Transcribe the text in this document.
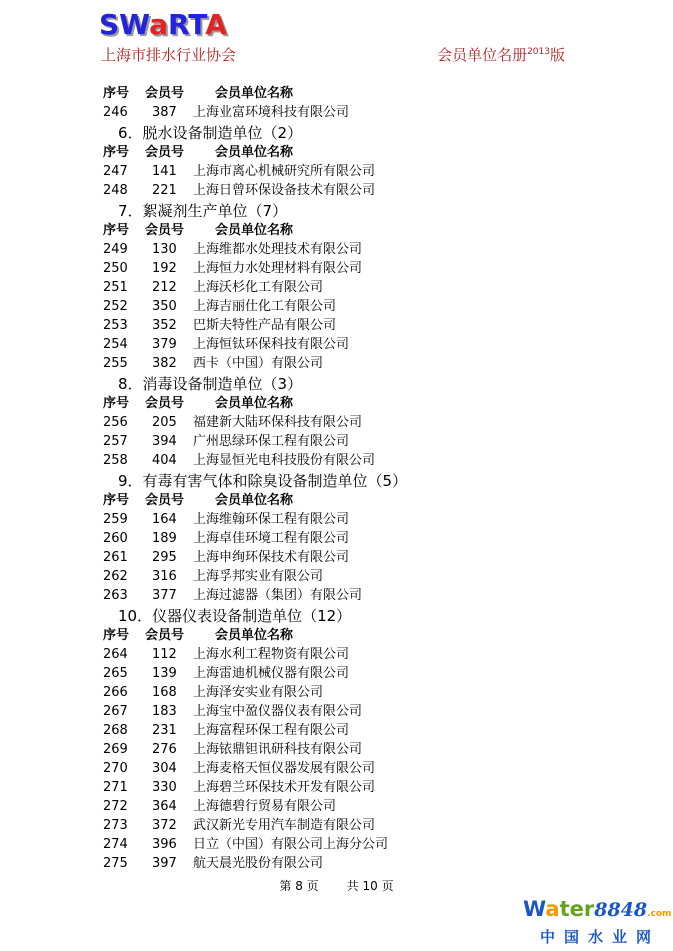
SWaRTA
上海市排水行业协会	会员单位名册$^{2013}$版
序号	会员号	会员单位名称
246	387	上海业富环境科技有限公司
6．脱水设备制造单位（2）
序号	会员号	会员单位名称
247	141	上海市离心机械研究所有限公司
248	221	上海日曾环保设备技术有限公司
7．絮凝剂生产单位（7）
序号	会员号	会员单位名称
249	130	上海维都水处理技术有限公司
250	192	上海恒力水处理材料有限公司
251	212	上海沃杉化工有限公司
252	350	上海吉丽仕化工有限公司
253	352	巴斯夫特性产品有限公司
254	379	上海恒钛环保科技有限公司
255	382	西卡（中国）有限公司
8．消毒设备制造单位（3）
序号	会员号	会员单位名称
256	205	福建新大陆环保科技有限公司
257	394	广州思绿环保工程有限公司
258	404	上海显恒光电科技股份有限公司
9．有毒有害气体和除臭设备制造单位（5）
序号	会员号	会员单位名称
259	164	上海维翰环保工程有限公司
260	189	上海卓佳环境工程有限公司
261	295	上海申绚环保技术有限公司
262	316	上海孚邦实业有限公司
263	377	上海过滤器（集团）有限公司
10．仪器仪表设备制造单位（12）
序号	会员号	会员单位名称
264	112	上海水利工程物资有限公司
265	139	上海雷迪机械仪器有限公司
266	168	上海泽安实业有限公司
267	183	上海宝中盈仪器仪表有限公司
268	231	上海富程环保工程有限公司
269	276	上海铱鼎钽讯研科技有限公司
270	304	上海麦格天恒仪器发展有限公司
271	330	上海碧兰环保技术开发有限公司
272	364	上海德碧行贸易有限公司
273	372	武汉新光专用汽车制造有限公司
274	396	日立（中国）有限公司上海分公司
275	397	航天晨光股份有限公司
第 8 页 共 10 页
Water8848.com
中国水业网
